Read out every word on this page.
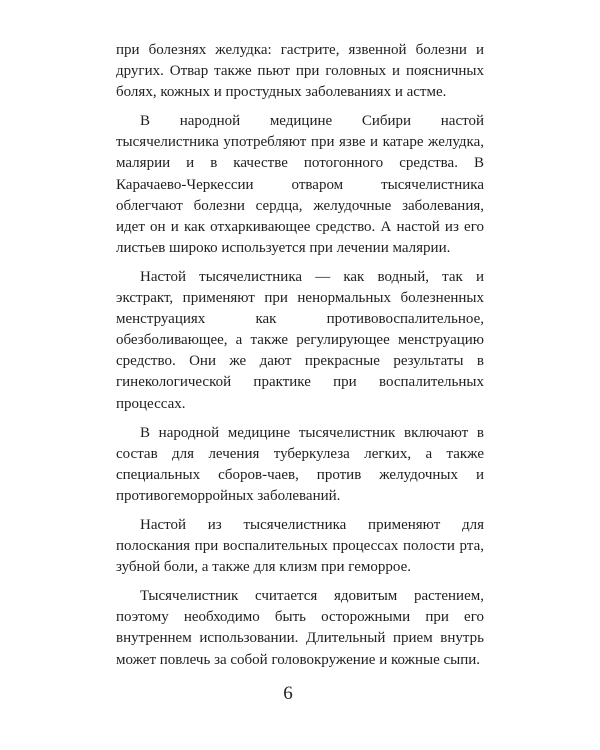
при болезнях желудка: гастрите, язвенной болезни и других. Отвар также пьют при головных и поясничных болях, кожных и простудных заболеваниях и астме.

В народной медицине Сибири настой тысячелистника употребляют при язве и катаре желудка, малярии и в качестве потогонного средства. В Карачаево-Черкессии отваром тысячелистника облегчают болезни сердца, желудочные заболевания, идет он и как отхаркивающее средство. А настой из его листьев широко используется при лечении малярии.

Настой тысячелистника — как водный, так и экстракт, применяют при ненормальных болезненных менструациях как противовоспалительное, обезболивающее, а также регулирующее менструацию средство. Они же дают прекрасные результаты в гинекологической практике при воспалительных процессах.

В народной медицине тысячелистник включают в состав для лечения туберкулеза легких, а также специальных сборов-чаев, против желудочных и противогеморройных заболеваний.

Настой из тысячелистника применяют для полоскания при воспалительных процессах полости рта, зубной боли, а также для клизм при геморрое.

Тысячелистник считается ядовитым растением, поэтому необходимо быть осторожными при его внутреннем использовании. Длительный прием внутрь может повлечь за собой головокружение и кожные сыпи.

6
